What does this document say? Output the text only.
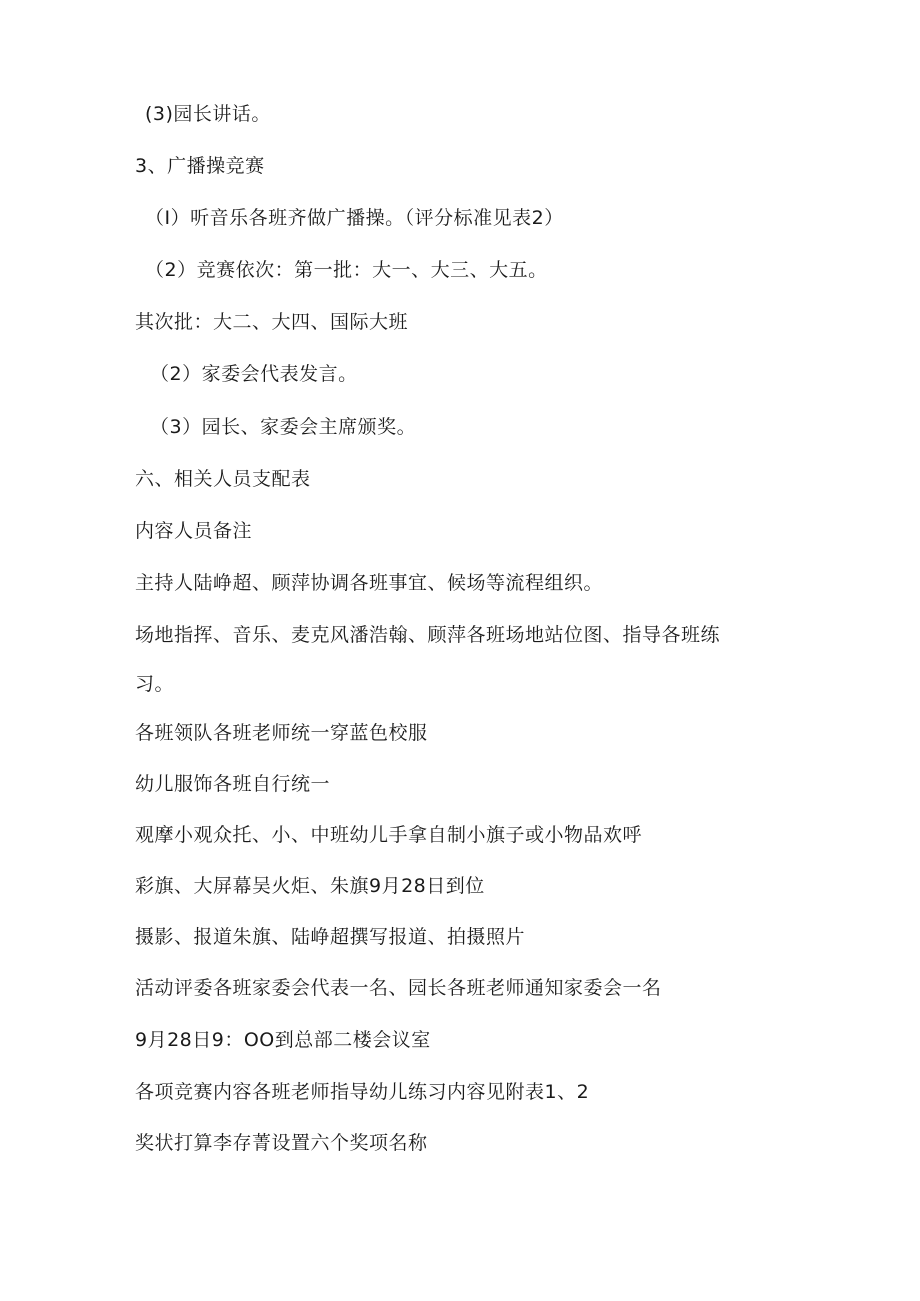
(3)园长讲话。
3、广播操竞赛
（I）听音乐各班齐做广播操。（评分标准见表2）
（2）竞赛依次：第一批：大一、大三、大五。
其次批：大二、大四、国际大班
（2）家委会代表发言。
（3）园长、家委会主席颁奖。
六、相关人员支配表
内容人员备注
主持人陆峥超、顾萍协调各班事宜、候场等流程组织。
场地指挥、音乐、麦克风潘浩翰、顾萍各班场地站位图、指导各班练
习。
各班领队各班老师统一穿蓝色校服
幼儿服饰各班自行统一
观摩小观众托、小、中班幼儿手拿自制小旗子或小物品欢呼
彩旗、大屏幕吴火炬、朱旗9月28日到位
摄影、报道朱旗、陆峥超撰写报道、拍摄照片
活动评委各班家委会代表一名、园长各班老师通知家委会一名
9月28日9：OO到总部二楼会议室
各项竞赛内容各班老师指导幼儿练习内容见附表1、2
奖状打算李存菁设置六个奖项名称
